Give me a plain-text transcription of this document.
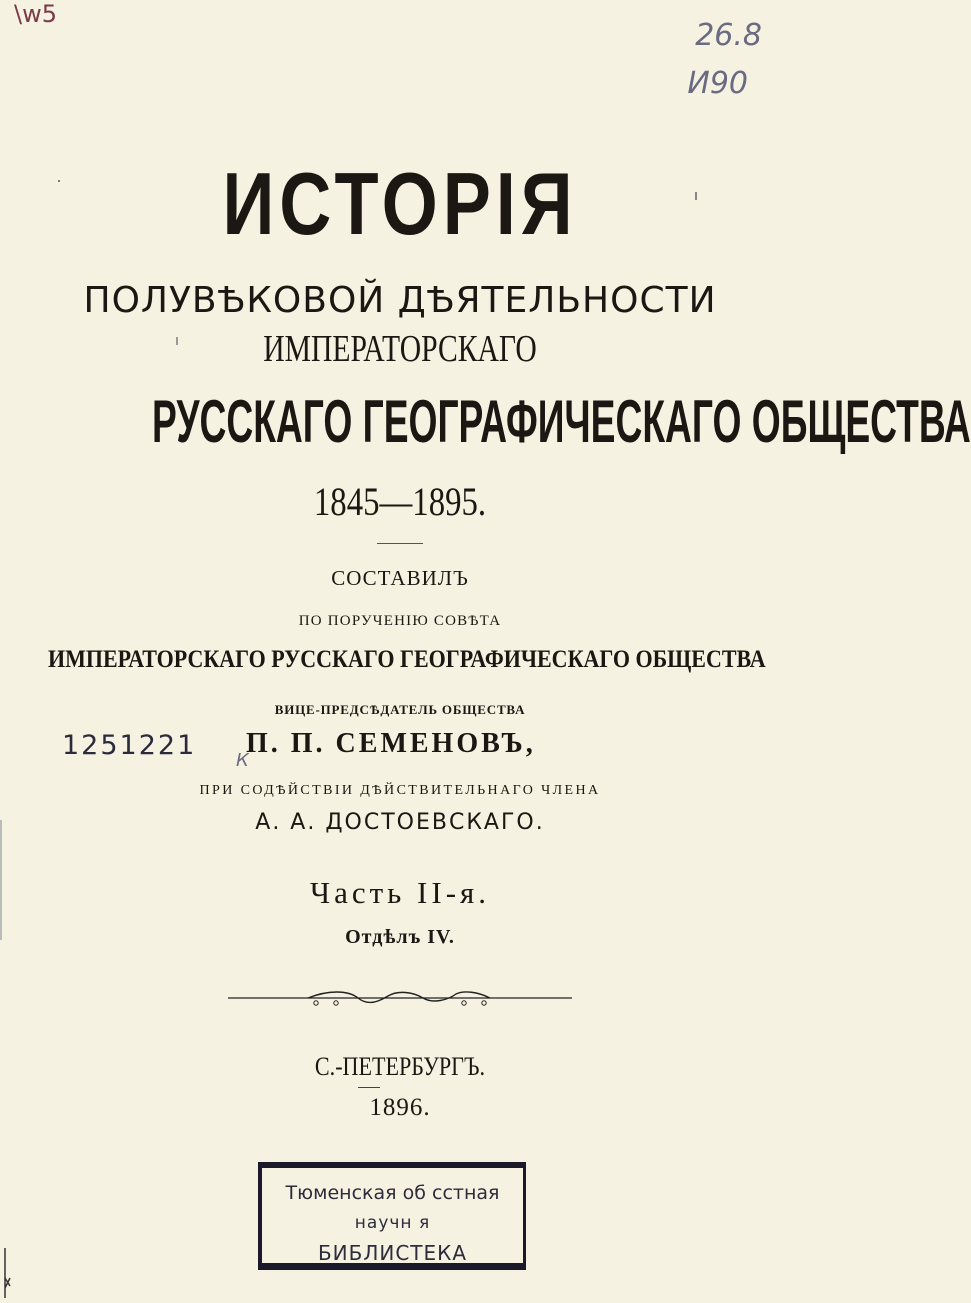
\ᴡ5
26.8
И90
ИСТОРІЯ
ПОЛУВѢКОВОЙ ДѢЯТЕЛЬНОСТИ
ИМПЕРАТОРСКАГО
РУССКАГО ГЕОГРАФИЧЕСКАГО ОБЩЕСТВА
1845—1895.
СОСТАВИЛЪ
ПО ПОРУЧЕНІЮ СОВѢТА
ИМПЕРАТОРСКАГО РУССКАГО ГЕОГРАФИЧЕСКАГО ОБЩЕСТВА
ВИЦЕ-ПРЕДСѢДАТЕЛЬ ОБЩЕСТВА
1251221 К
П. П. СЕМЕНОВЪ,
ПРИ СОДѢЙСТВІИ ДѢЙСТВИТЕЛЬНАГО ЧЛЕНА
А. А. ДОСТОЕВСКАГО.
Часть ІІ-я.
Отдѣлъ IV.
С.-ПЕТЕРБУРГЪ.
1896.
Тюменская об сстная
научн я
БИБЛИСТЕКА
